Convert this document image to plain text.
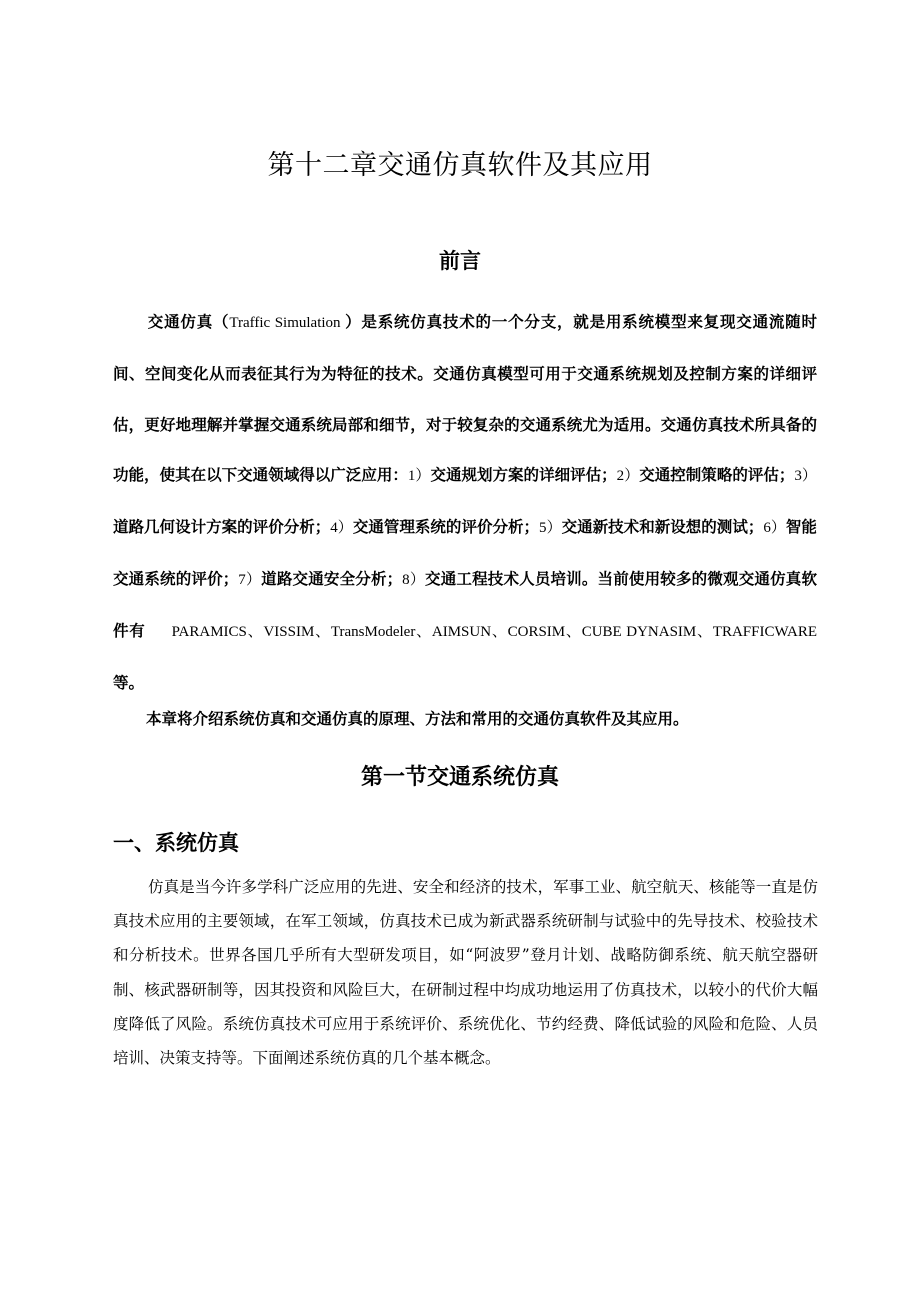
第十二章交通仿真软件及其应用
前言

交通仿真（Traffic Simulation ）是系统仿真技术的一个分支，就是用系统模型来复现交通流随时间、空间变化从而表征其行为为特征的技术。交通仿真模型可用于交通系统规划及控制方案的详细评估，更好地理解并掌握交通系统局部和细节，对于较复杂的交通系统尤为适用。交通仿真技术所具备的功能，使其在以下交通领域得以广泛应用：1）交通规划方案的详细评估；2）交通控制策略的评估；3）道路几何设计方案的评价分析；4）交通管理系统的评价分析；5）交通新技术和新设想的测试；6）智能交通系统的评价；7）道路交通安全分析；8）交通工程技术人员培训。当前使用较多的微观交通仿真软件有 PARAMICS、VISSIM、TransModeler、AIMSUN、CORSIM、CUBE DYNASIM、TRAFFICWARE 等。

本章将介绍系统仿真和交通仿真的原理、方法和常用的交通仿真软件及其应用。

第一节交通系统仿真
一、系统仿真

仿真是当今许多学科广泛应用的先进、安全和经济的技术，军事工业、航空航天、核能等一直是仿真技术应用的主要领域，在军工领域，仿真技术已成为新武器系统研制与试验中的先导技术、校验技术和分析技术。世界各国几乎所有大型研发项目，如“阿波罗”登月计划、战略防御系统、航天航空器研制、核武器研制等，因其投资和风险巨大，在研制过程中均成功地运用了仿真技术，以较小的代价大幅度降低了风险。系统仿真技术可应用于系统评价、系统优化、节约经费、降低试验的风险和危险、人员培训、决策支持等。下面阐述系统仿真的几个基本概念。
